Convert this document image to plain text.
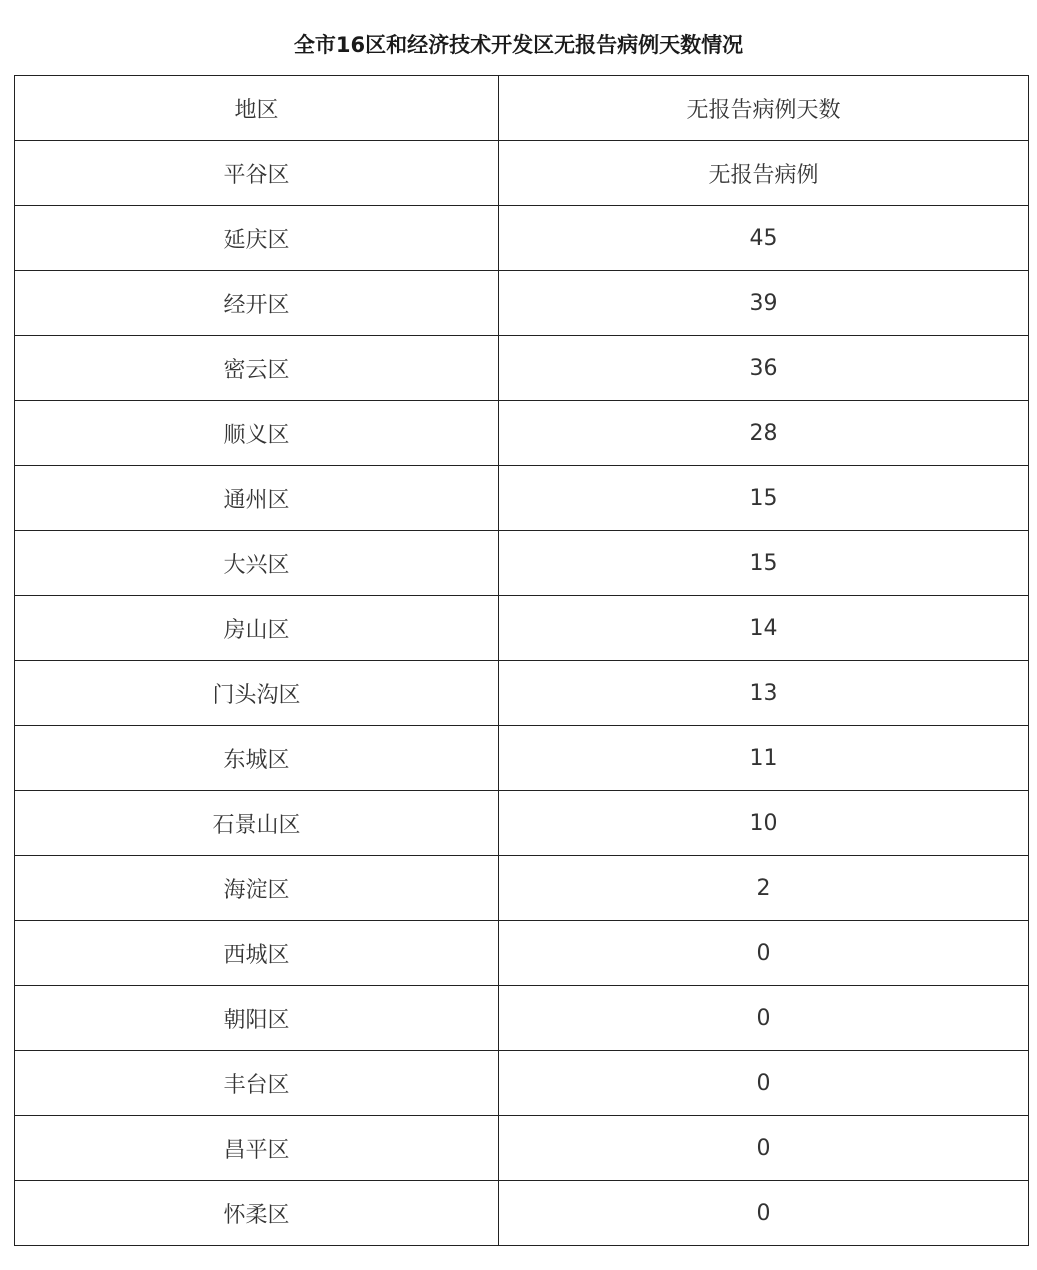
全市16区和经济技术开发区无报告病例天数情况
地区	无报告病例天数
平谷区	无报告病例
延庆区	45
经开区	39
密云区	36
顺义区	28
通州区	15
大兴区	15
房山区	14
门头沟区	13
东城区	11
石景山区	10
海淀区	2
西城区	0
朝阳区	0
丰台区	0
昌平区	0
怀柔区	0
